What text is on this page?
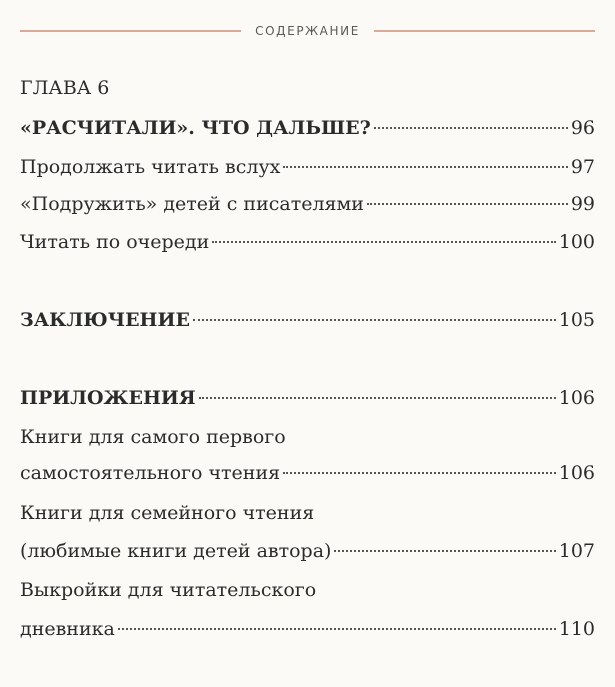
СОДЕРЖАНИЕ
ГЛАВА 6
«РАСЧИТАЛИ». ЧТО ДАЛЬШЕ?	96
Продолжать читать вслух	97
«Подружить» детей с писателями	99
Читать по очереди	100
ЗАКЛЮЧЕНИЕ	105
ПРИЛОЖЕНИЯ	106
Книги для самого первого
самостоятельного чтения	106
Книги для семейного чтения
(любимые книги детей автора)	107
Выкройки для читательского
дневника	110
